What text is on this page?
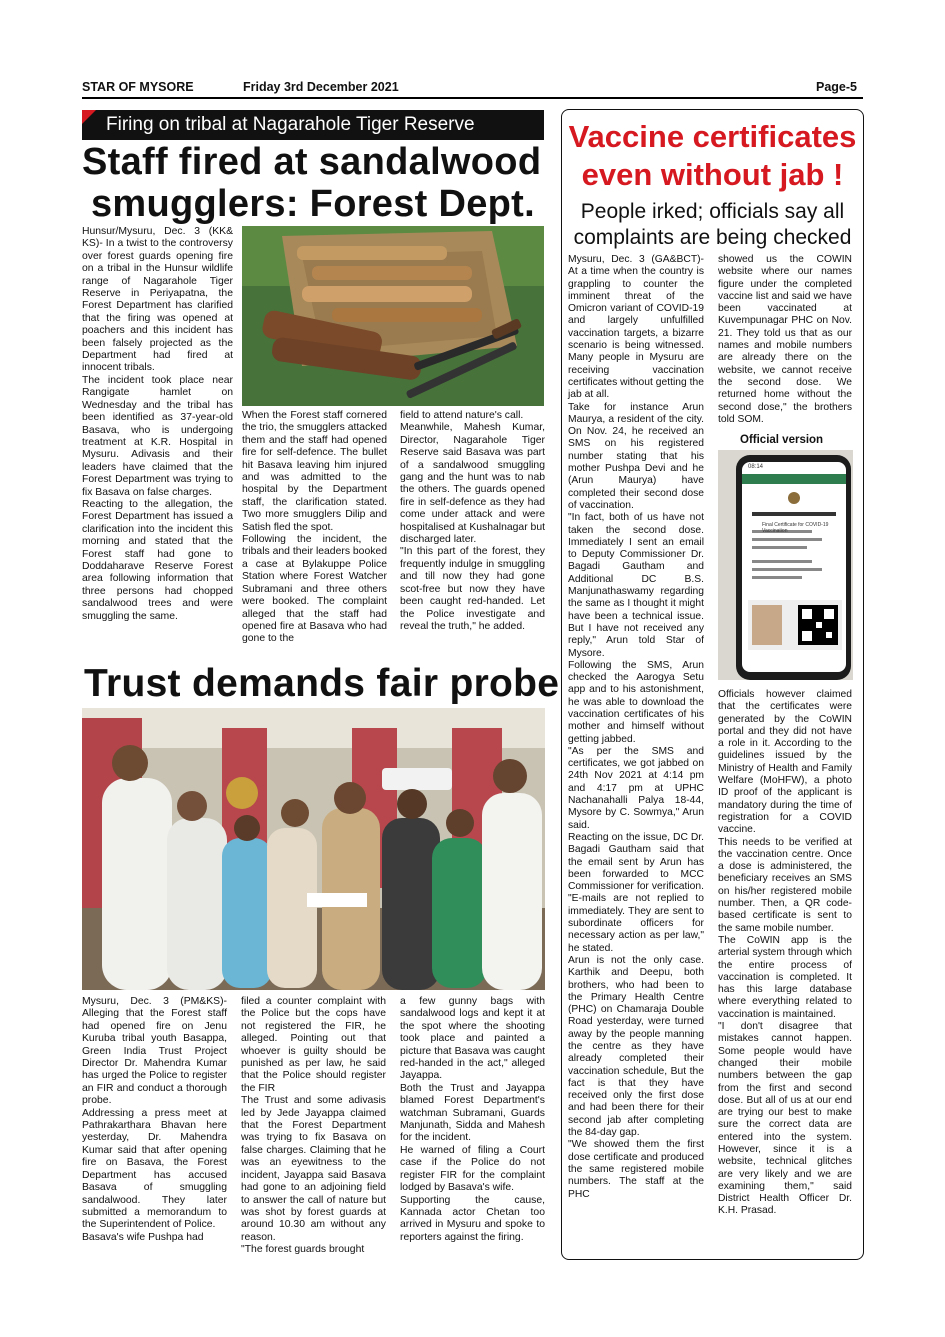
STAR OF MYSORE	Friday 3rd December 2021	Page-5
Firing on tribal at Nagarahole Tiger Reserve
Staff fired at sandalwood
smugglers: Forest Dept.
Hunsur/Mysuru, Dec. 3 (KK& KS)- In a twist to the controversy over forest guards opening fire on a tribal in the Hunsur wildlife range of Nagarahole Tiger Reserve in Periyapatna, the Forest Department has clarified that the firing was opened at poachers and this incident has been falsely projected as the Department had fired at innocent tribals.
The incident took place near Rangigate hamlet on Wednesday and the tribal has been identified as 37-year-old Basava, who is undergoing treatment at K.R. Hospital in Mysuru. Adivasis and their leaders have claimed that the Forest Department was trying to fix Basava on false charges.
Reacting to the allegation, the Forest Department has issued a clarification into the incident this morning and stated that the Forest staff had gone to Doddaharave Reserve Forest area following information that three persons had chopped sandalwood trees and were smuggling the same.
When the Forest staff cornered the trio, the smugglers attacked them and the staff had opened fire for self-defence. The bullet hit Basava leaving him injured and was admitted to the hospital by the Department staff, the clarification stated. Two more smugglers Dilip and Satish fled the spot.
Following the incident, the tribals and their leaders booked a case at Bylakuppe Police Station where Forest Watcher Subramani and three others were booked. The complaint alleged that the staff had opened fire at Basava who had gone to the
field to attend nature's call.
Meanwhile, Mahesh Kumar, Director, Nagarahole Tiger Reserve said Basava was part of a sandalwood smuggling gang and the hunt was to nab the others. The guards opened fire in self-defence as they had come under attack and were hospitalised at Kushalnagar but discharged later.
"In this part of the forest, they frequently indulge in smuggling and till now they had gone scot-free but now they have been caught red-handed. Let the Police investigate and reveal the truth," he added.
Trust demands fair probe
Mysuru, Dec. 3 (PM&KS)- Alleging that the Forest staff had opened fire on Jenu Kuruba tribal youth Basappa, Green India Trust Project Director Dr. Mahendra Kumar has urged the Police to register an FIR and conduct a thorough probe.
Addressing a press meet at Pathrakarthara Bhavan here yesterday, Dr. Mahendra Kumar said that after opening fire on Basava, the Forest Department has accused Basava of smuggling sandalwood. They later submitted a memorandum to the Superintendent of Police.
Basava's wife Pushpa had
filed a counter complaint with the Police but the cops have not registered the FIR, he alleged. Pointing out that whoever is guilty should be punished as per law, he said that the Police should register the FIR
The Trust and some adivasis led by Jede Jayappa claimed that the Forest Department was trying to fix Basava on false charges. Claiming that he was an eyewitness to the incident, Jayappa said Basava had gone to an adjoining field to answer the call of nature but was shot by forest guards at around 10.30 am without any reason.
"The forest guards brought
a few gunny bags with sandalwood logs and kept it at the spot where the shooting took place and painted a picture that Basava was caught red-handed in the act," alleged Jayappa.
Both the Trust and Jayappa blamed Forest Department's watchman Subramani, Guards Manjunath, Sidda and Mahesh for the incident.
He warned of filing a Court case if the Police do not register FIR for the complaint lodged by Basava's wife.
Supporting the cause, Kannada actor Chetan too arrived in Mysuru and spoke to reporters against the firing.
Vaccine certificates
even without jab !
People irked; officials say all
complaints are being checked
Mysuru, Dec. 3 (GA&BCT)- At a time when the country is grappling to counter the imminent threat of the Omicron variant of COVID-19 and largely unfulfilled vaccination targets, a bizarre scenario is being witnessed. Many people in Mysuru are receiving vaccination certificates without getting the jab at all.
Take for instance Arun Maurya, a resident of the city. On Nov. 24, he received an SMS on his registered number stating that his mother Pushpa Devi and he (Arun Maurya) have completed their second dose of vaccination.
"In fact, both of us have not taken the second dose. Immediately I sent an email to Deputy Commissioner Dr. Bagadi Gautham and Additional DC B.S. Manjunathaswamy regarding the same as I thought it might have been a technical issue. But I have not received any reply," Arun told Star of Mysore.
Following the SMS, Arun checked the Aarogya Setu app and to his astonishment, he was able to download the vaccination certificates of his mother and himself without getting jabbed.
"As per the SMS and certificates, we got jabbed on 24th Nov 2021 at 4:14 pm and 4:17 pm at UPHC Nachanahalli Palya 18-44, Mysore by C. Sowmya," Arun said.
Reacting on the issue, DC Dr. Bagadi Gautham said that the email sent by Arun has been forwarded to MCC Commissioner for verification. "E-mails are not replied to immediately. They are sent to subordinate officers for necessary action as per law," he stated.
Arun is not the only case. Karthik and Deepu, both brothers, who had been to the Primary Health Centre (PHC) on Chamaraja Double Road yesterday, were turned away by the people manning the centre as they have already completed their vaccination schedule, But the fact is that they have received only the first dose and had been there for their second jab after completing the 84-day gap.
"We showed them the first dose certificate and produced the same registered mobile numbers. The staff at the PHC
showed us the COWIN website where our names figure under the completed vaccine list and said we have been vaccinated at Kuvempunagar PHC on Nov. 21. They told us that as our names and mobile numbers are already there on the website, we cannot receive the second dose. We returned home without the second dose," the brothers told SOM.
Official version
08:14
Final Certificate for COVID-19 Vaccination
Officials however claimed that the certificates were generated by the CoWIN portal and they did not have a role in it. According to the guidelines issued by the Ministry of Health and Family Welfare (MoHFW), a photo ID proof of the applicant is mandatory during the time of registration for a COVID vaccine.
This needs to be verified at the vaccination centre. Once a dose is administered, the beneficiary receives an SMS on his/her registered mobile number. Then, a QR code-based certificate is sent to the same mobile number.
The CoWIN app is the arterial system through which the entire process of vaccination is completed. It has this large database where everything related to vaccination is maintained.
"I don't disagree that mistakes cannot happen. Some people would have changed their mobile numbers between the gap from the first and second dose. But all of us at our end are trying our best to make sure the correct data are entered into the system. However, since it is a website, technical glitches are very likely and we are examining them," said District Health Officer Dr. K.H. Prasad.
